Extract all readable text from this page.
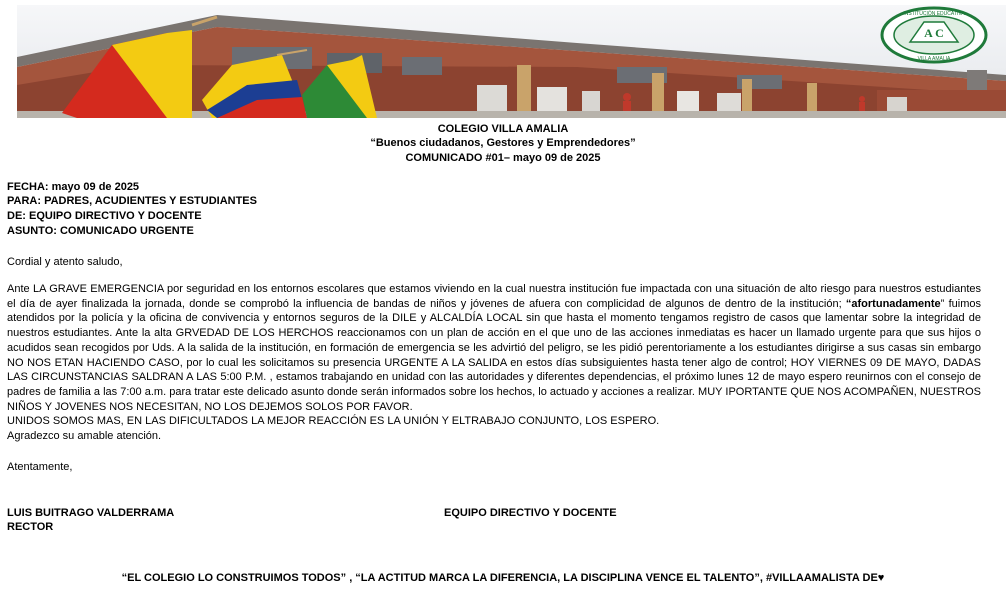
A C
INSTITUCIÓN EDUCATIVA
VILLA AMALIA
COLEGIO VILLA AMALIA
“Buenos ciudadanos, Gestores y Emprendedores”
COMUNICADO #01– mayo 09 de 2025
FECHA: mayo 09 de 2025
PARA: PADRES, ACUDIENTES Y ESTUDIANTES
DE: EQUIPO DIRECTIVO Y DOCENTE
ASUNTO: COMUNICADO URGENTE
Cordial y atento saludo,

Ante LA GRAVE EMERGENCIA por seguridad en los entornos escolares que estamos viviendo en la cual nuestra institución fue impactada con una situación de alto riesgo para nuestros estudiantes el día de ayer finalizada la jornada, donde se comprobó la influencia de bandas de niños y jóvenes de afuera con complicidad de algunos de dentro de la institución; “afortunadamente” fuimos atendidos por la policía y la oficina de convivencia y entornos seguros de la DILE y ALCALDÍA LOCAL sin que hasta el momento tengamos registro de casos que lamentar sobre la integridad de nuestros estudiantes. Ante la alta GRVEDAD DE LOS HERCHOS reaccionamos con un plan de acción en el que uno de las acciones inmediatas es hacer un llamado urgente para que sus hijos o acudidos sean recogidos por Uds. A la salida de la institución, en formación de emergencia se les advirtió del peligro, se les pidió perentoriamente a los estudiantes dirigirse a sus casas sin embargo NO NOS ETAN HACIENDO CASO, por lo cual les solicitamos su presencia URGENTE A LA SALIDA en estos días subsiguientes hasta tener algo de control; HOY VIERNES 09 DE MAYO, DADAS LAS CIRCUNSTANCIAS SALDRAN A LAS 5:00 P.M. , estamos trabajando en unidad con las autoridades y diferentes dependencias, el próximo lunes 12 de mayo espero reunirnos con el consejo de padres de familia a las 7:00 a.m. para tratar este delicado asunto donde serán informados sobre los hechos, lo actuado y acciones a realizar. MUY IPORTANTE QUE NOS ACOMPAÑEN, NUESTROS NIÑOS Y JOVENES NOS NECESITAN, NO LOS DEJEMOS SOLOS POR FAVOR.

UNIDOS SOMOS MAS, EN LAS DIFICULTADOS LA MEJOR REACCIÓN ES LA UNIÓN Y ELTRABAJO CONJUNTO, LOS ESPERO.

Agradezco su amable atención.

Atentamente,
LUIS BUITRAGO VALDERRAMA
RECTOR
EQUIPO DIRECTIVO Y DOCENTE
“EL COLEGIO LO CONSTRUIMOS TODOS” , “LA ACTITUD MARCA LA DIFERENCIA, LA DISCIPLINA VENCE EL TALENTO”, #VILLAAMALISTA DE♥
